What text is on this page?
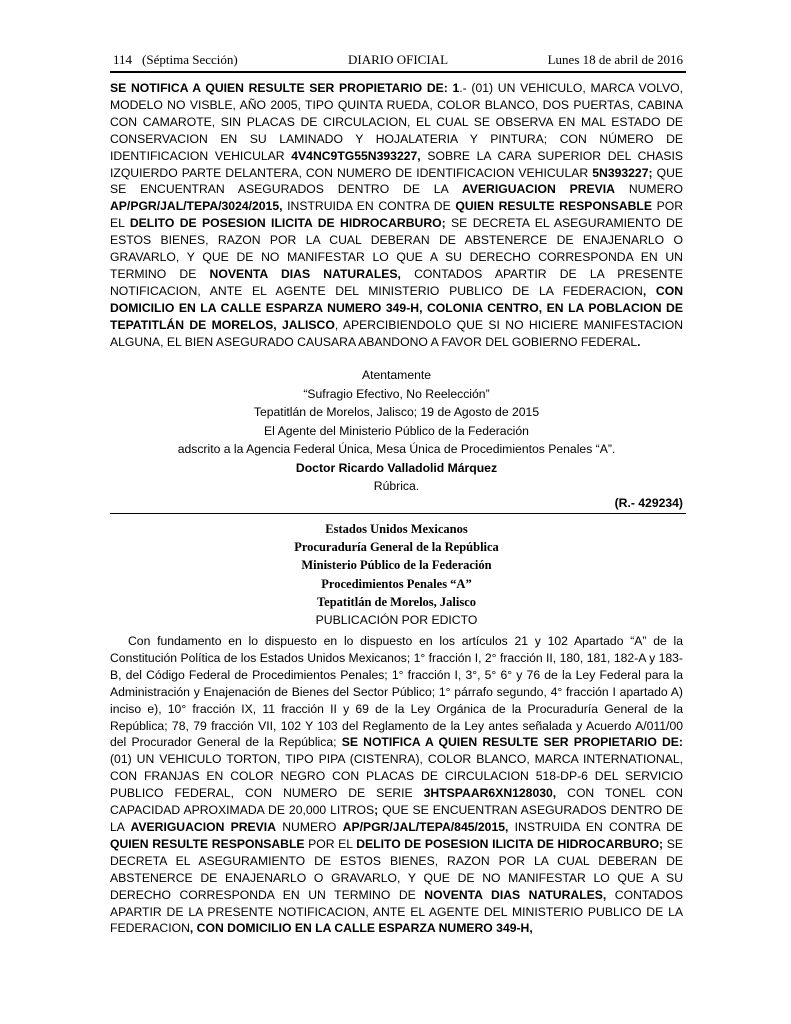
114 (Séptima Sección)	DIARIO OFICIAL	Lunes 18 de abril de 2016

SE NOTIFICA A QUIEN RESULTE SER PROPIETARIO DE: 1.- (01) UN VEHICULO, MARCA VOLVO, MODELO NO VISBLE, AÑO 2005, TIPO QUINTA RUEDA, COLOR BLANCO, DOS PUERTAS, CABINA CON CAMAROTE, SIN PLACAS DE CIRCULACION, EL CUAL SE OBSERVA EN MAL ESTADO DE CONSERVACION EN SU LAMINADO Y HOJALATERIA Y PINTURA; CON NÚMERO DE IDENTIFICACION VEHICULAR 4V4NC9TG55N393227, SOBRE LA CARA SUPERIOR DEL CHASIS IZQUIERDO PARTE DELANTERA, CON NUMERO DE IDENTIFICACION VEHICULAR 5N393227; QUE SE ENCUENTRAN ASEGURADOS DENTRO DE LA AVERIGUACION PREVIA NUMERO AP/PGR/JAL/TEPA/3024/2015, INSTRUIDA EN CONTRA DE QUIEN RESULTE RESPONSABLE POR EL DELITO DE POSESION ILICITA DE HIDROCARBURO; SE DECRETA EL ASEGURAMIENTO DE ESTOS BIENES, RAZON POR LA CUAL DEBERAN DE ABSTENERCE DE ENAJENARLO O GRAVARLO, Y QUE DE NO MANIFESTAR LO QUE A SU DERECHO CORRESPONDA EN UN TERMINO DE NOVENTA DIAS NATURALES, CONTADOS APARTIR DE LA PRESENTE NOTIFICACION, ANTE EL AGENTE DEL MINISTERIO PUBLICO DE LA FEDERACION, CON DOMICILIO EN LA CALLE ESPARZA NUMERO 349-H, COLONIA CENTRO, EN LA POBLACION DE TEPATITLÁN DE MORELOS, JALISCO, APERCIBIENDOLO QUE SI NO HICIERE MANIFESTACION ALGUNA, EL BIEN ASEGURADO CAUSARA ABANDONO A FAVOR DEL GOBIERNO FEDERAL.

Atentamente
“Sufragio Efectivo, No Reelección”
Tepatitlán de Morelos, Jalisco; 19 de Agosto de 2015
El Agente del Ministerio Público de la Federación
adscrito a la Agencia Federal Única, Mesa Única de Procedimientos Penales “A”.
Doctor Ricardo Valladolid Márquez
Rúbrica.
(R.- 429234)
Estados Unidos Mexicanos
Procuraduría General de la República
Ministerio Público de la Federación
Procedimientos Penales “A”
Tepatitlán de Morelos, Jalisco
PUBLICACIÓN POR EDICTO

Con fundamento en lo dispuesto en lo dispuesto en los artículos 21 y 102 Apartado “A” de la Constitución Política de los Estados Unidos Mexicanos; 1° fracción I, 2° fracción II, 180, 181, 182-A y 183-B, del Código Federal de Procedimientos Penales; 1° fracción I, 3°, 5° 6° y 76 de la Ley Federal para la Administración y Enajenación de Bienes del Sector Público; 1° párrafo segundo, 4° fracción I apartado A) inciso e), 10° fracción IX, 11 fracción II y 69 de la Ley Orgánica de la Procuraduría General de la República; 78, 79 fracción VII, 102 Y 103 del Reglamento de la Ley antes señalada y Acuerdo A/011/00 del Procurador General de la República; SE NOTIFICA A QUIEN RESULTE SER PROPIETARIO DE: (01) UN VEHICULO TORTON, TIPO PIPA (CISTENRA), COLOR BLANCO, MARCA INTERNATIONAL, CON FRANJAS EN COLOR NEGRO CON PLACAS DE CIRCULACION 518-DP-6 DEL SERVICIO PUBLICO FEDERAL, CON NUMERO DE SERIE 3HTSPAAR6XN128030, CON TONEL CON CAPACIDAD APROXIMADA DE 20,000 LITROS; QUE SE ENCUENTRAN ASEGURADOS DENTRO DE LA AVERIGUACION PREVIA NUMERO AP/PGR/JAL/TEPA/845/2015, INSTRUIDA EN CONTRA DE QUIEN RESULTE RESPONSABLE POR EL DELITO DE POSESION ILICITA DE HIDROCARBURO; SE DECRETA EL ASEGURAMIENTO DE ESTOS BIENES, RAZON POR LA CUAL DEBERAN DE ABSTENERCE DE ENAJENARLO O GRAVARLO, Y QUE DE NO MANIFESTAR LO QUE A SU DERECHO CORRESPONDA EN UN TERMINO DE NOVENTA DIAS NATURALES, CONTADOS APARTIR DE LA PRESENTE NOTIFICACION, ANTE EL AGENTE DEL MINISTERIO PUBLICO DE LA FEDERACION, CON DOMICILIO EN LA CALLE ESPARZA NUMERO 349-H,
